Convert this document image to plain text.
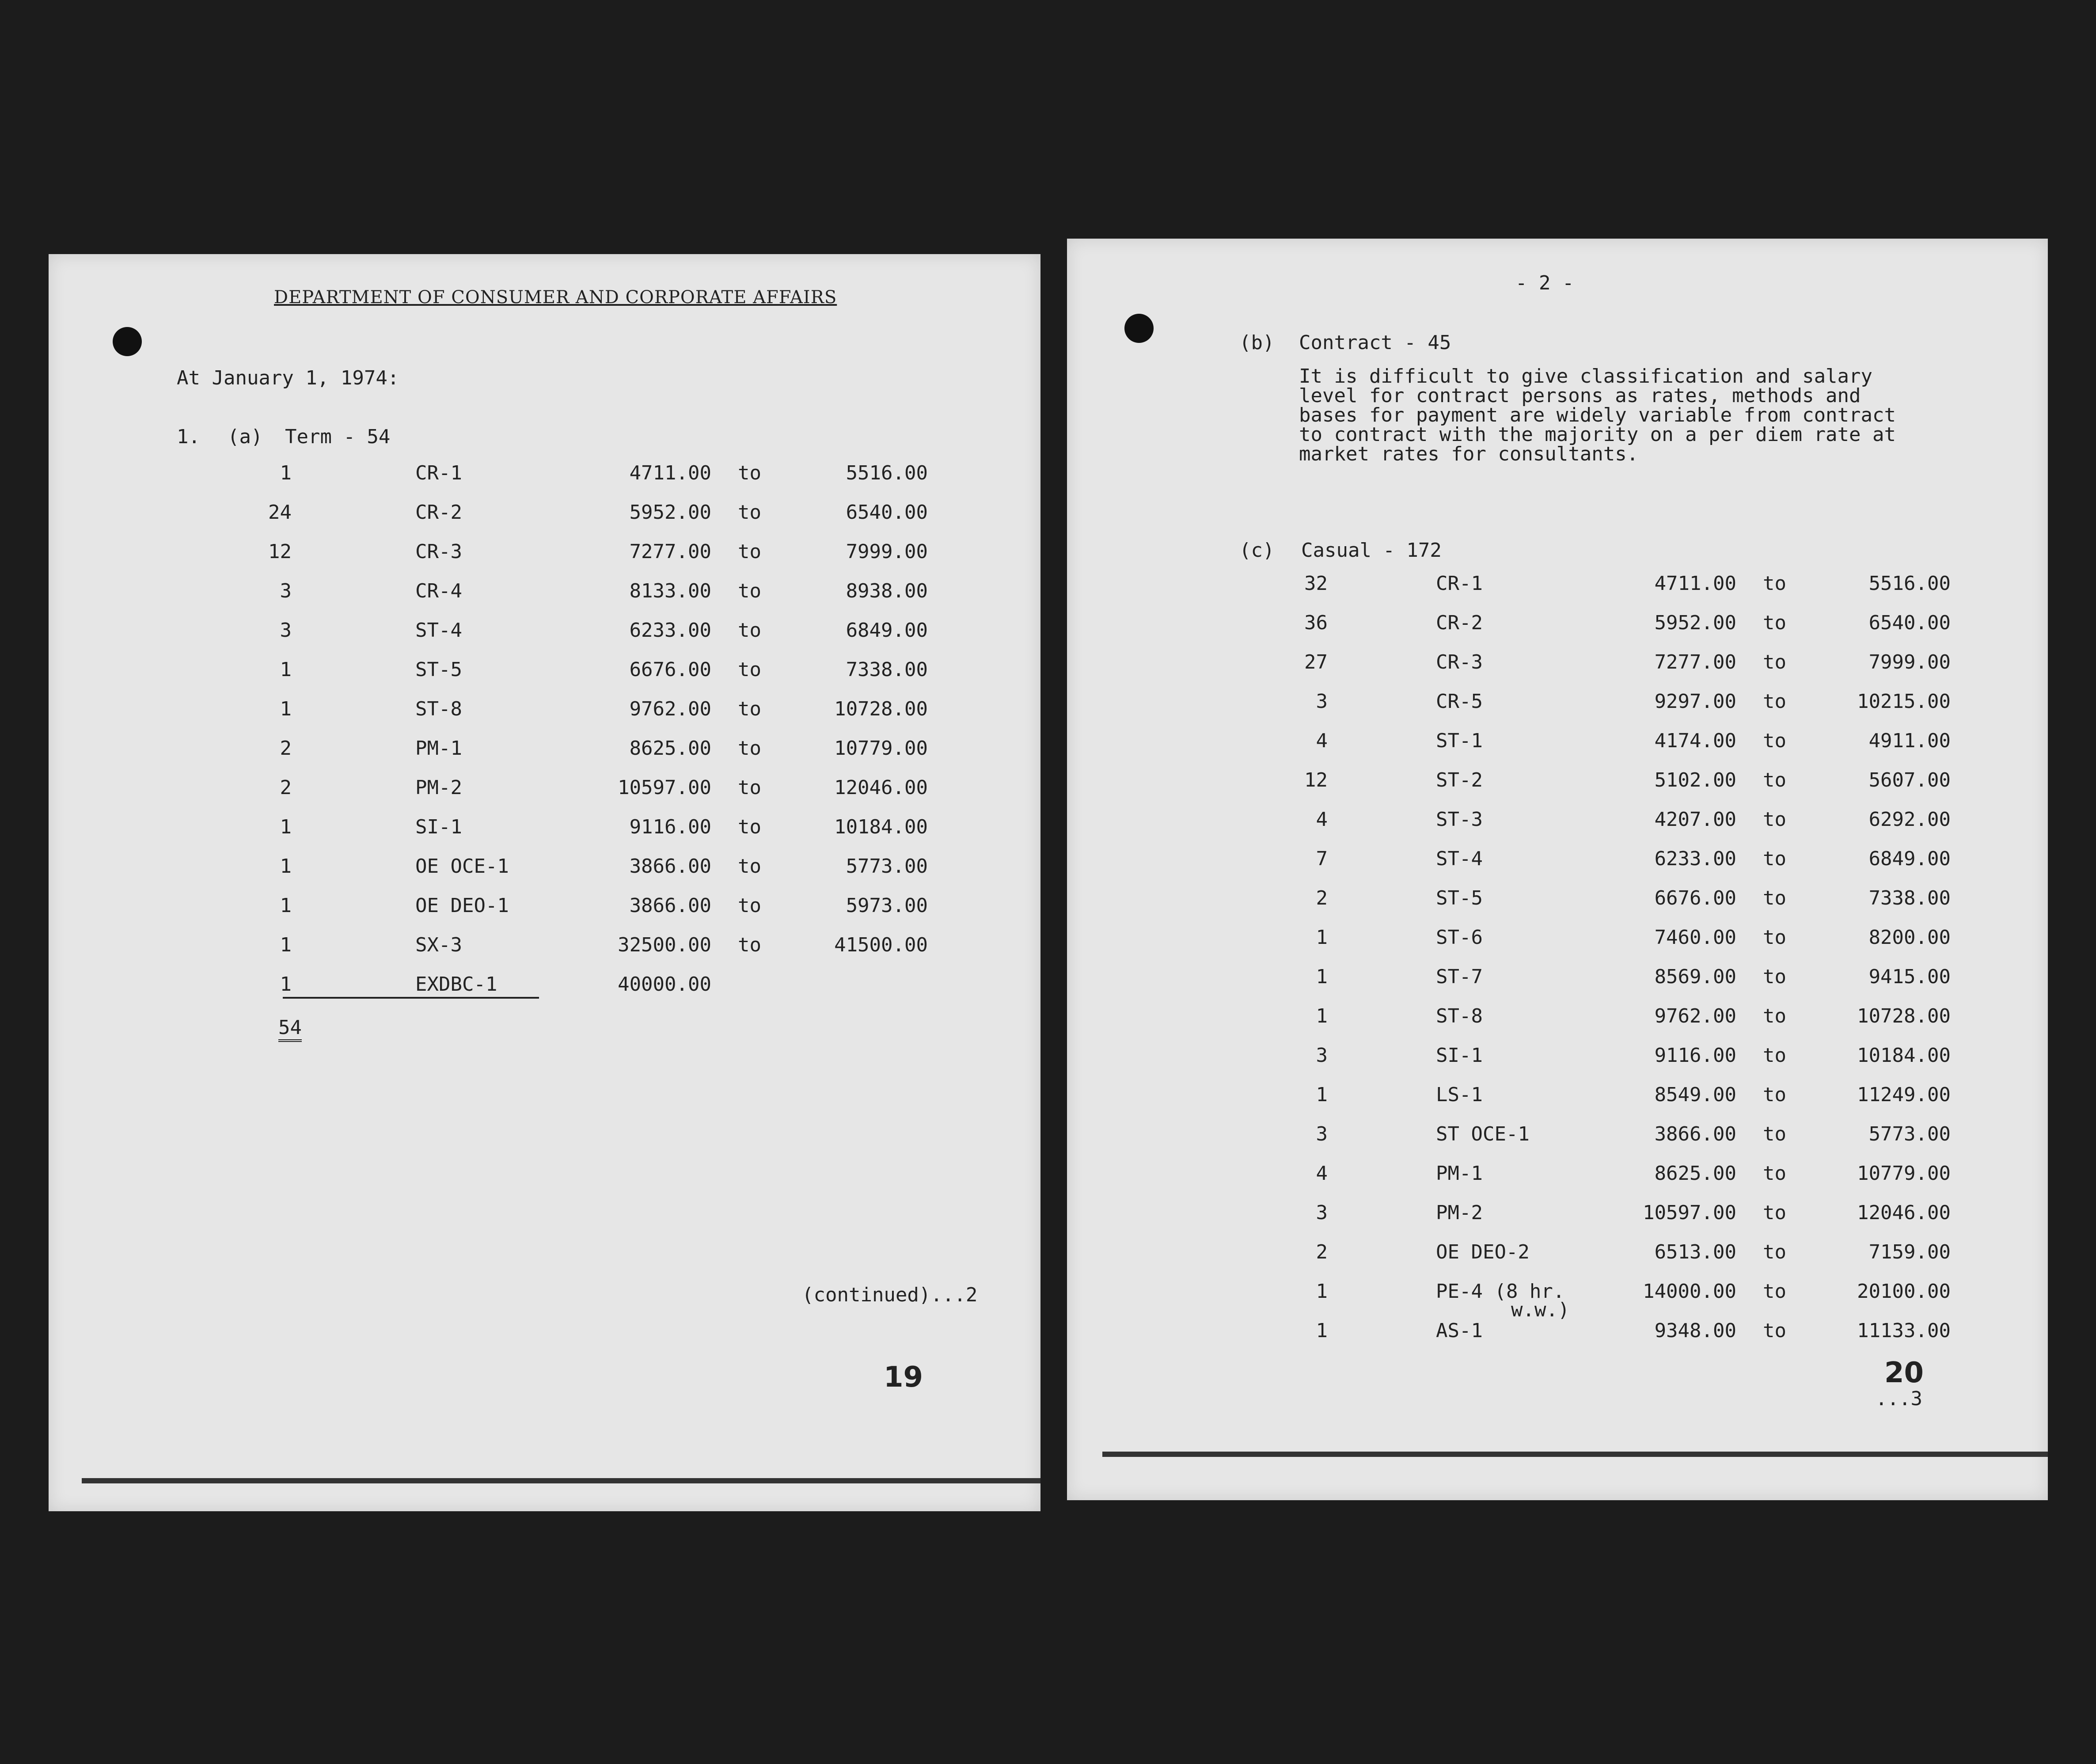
DEPARTMENT OF CONSUMER AND CORPORATE AFFAIRS
At January 1, 1974:
1. (a) Term - 54
1	CR-1	4711.00 to	5516.00
24	CR-2	5952.00 to	6540.00
12	CR-3	7277.00 to	7999.00
3	CR-4	8133.00 to	8938.00
3	ST-4	6233.00 to	6849.00
1	ST-5	6676.00 to	7338.00
1	ST-8	9762.00 to	10728.00
2	PM-1	8625.00 to	10779.00
2	PM-2	10597.00 to	12046.00
1	SI-1	9116.00 to	10184.00
1	OE OCE-1	3866.00 to	5773.00
1	OE DEO-1	3866.00 to	5973.00
1	SX-3	32500.00 to	41500.00
1	EXDBC-1	40000.00
54
(continued)...2
19
- 2 -
(b) Contract - 45
It is difficult to give classification and salary
level for contract persons as rates, methods and
bases for payment are widely variable from contract
to contract with the majority on a per diem rate at
market rates for consultants.
(c) Casual - 172
32	CR-1	4711.00 to	5516.00
36	CR-2	5952.00 to	6540.00
27	CR-3	7277.00 to	7999.00
3	CR-5	9297.00 to	10215.00
4	ST-1	4174.00 to	4911.00
12	ST-2	5102.00 to	5607.00
4	ST-3	4207.00 to	6292.00
7	ST-4	6233.00 to	6849.00
2	ST-5	6676.00 to	7338.00
1	ST-6	7460.00 to	8200.00
1	ST-7	8569.00 to	9415.00
1	ST-8	9762.00 to	10728.00
3	SI-1	9116.00 to	10184.00
1	LS-1	8549.00 to	11249.00
3	ST OCE-1	3866.00 to	5773.00
4	PM-1	8625.00 to	10779.00
3	PM-2	10597.00 to	12046.00
2	OE DEO-2	6513.00 to	7159.00
1	PE-4 (8 hr.	14000.00 to	20100.00
w.w.)
1	AS-1	9348.00 to	11133.00
20
...3
